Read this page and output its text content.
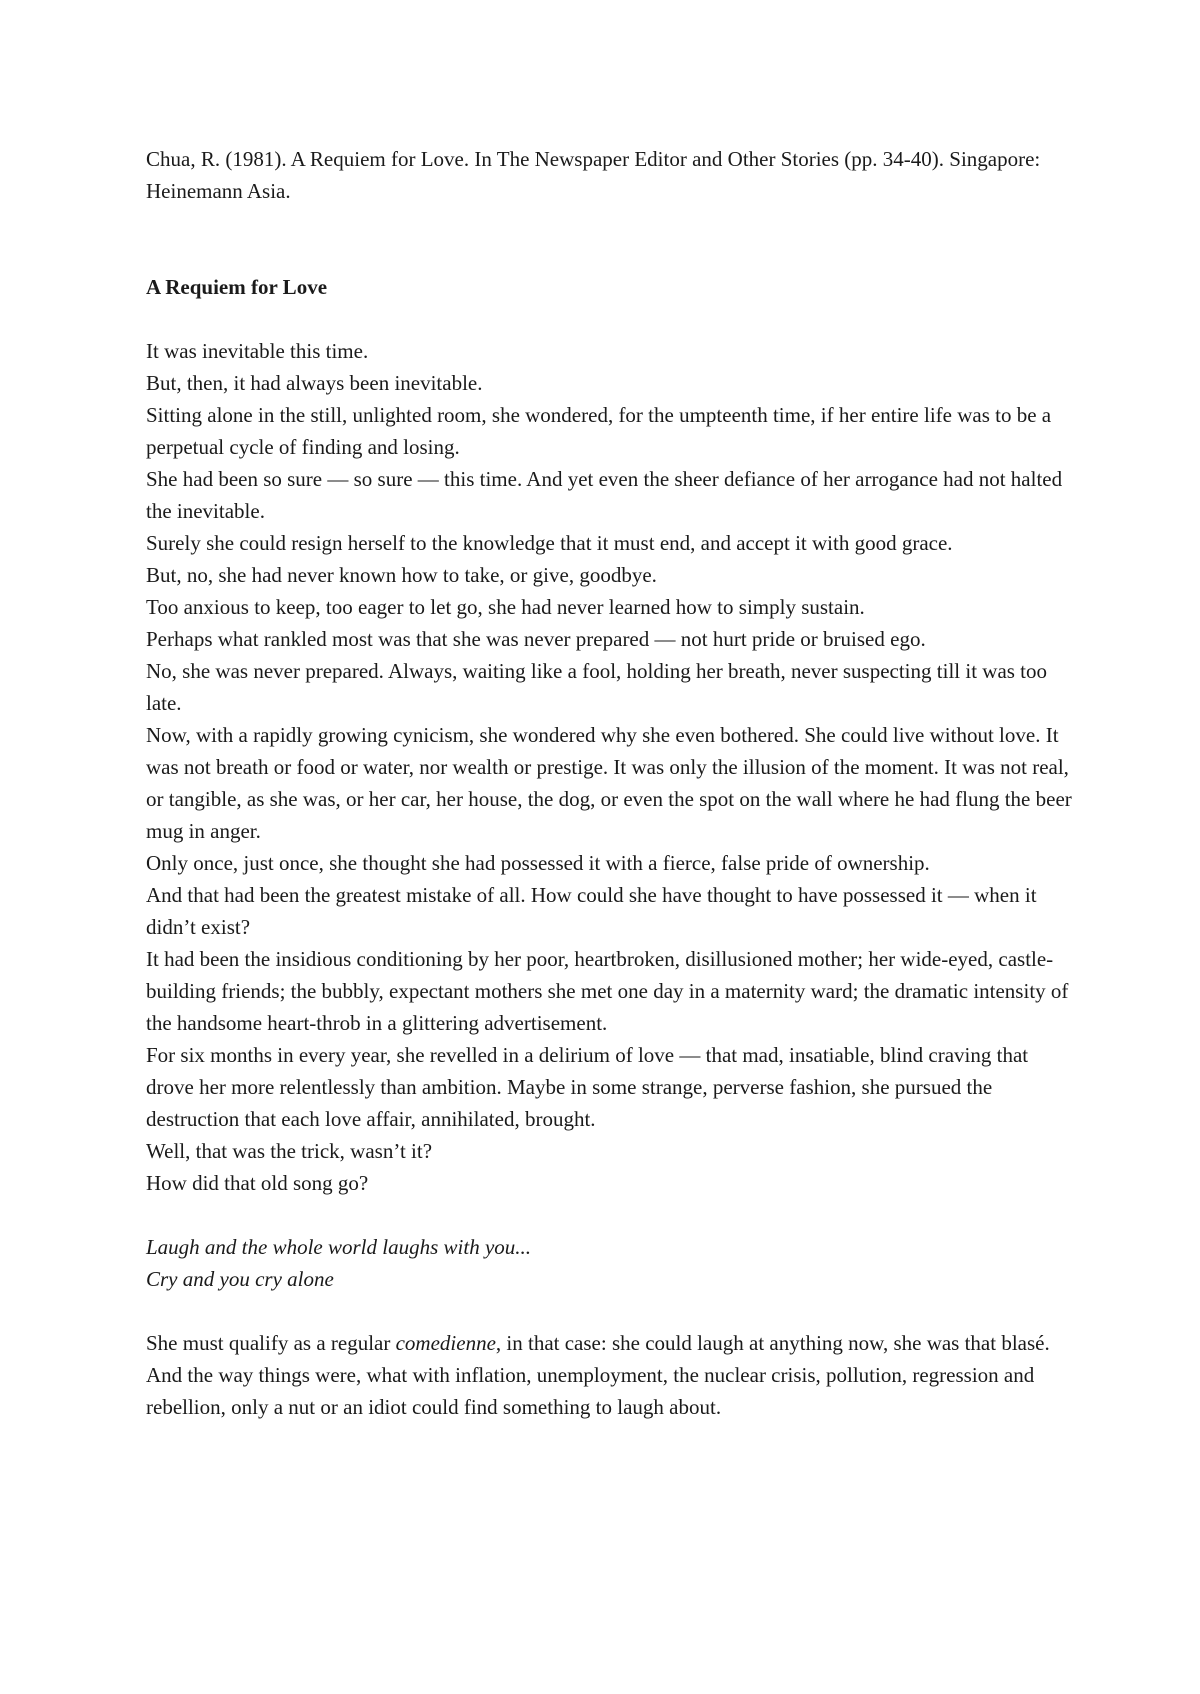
Chua, R. (1981). A Requiem for Love. In The Newspaper Editor and Other Stories (pp. 34-40). Singapore: Heinemann Asia.

A Requiem for Love

It was inevitable this time.

But, then, it had always been inevitable.

Sitting alone in the still, unlighted room, she wondered, for the umpteenth time, if her entire life was to be a perpetual cycle of finding and losing.

She had been so sure — so sure — this time. And yet even the sheer defiance of her arrogance had not halted the inevitable.

Surely she could resign herself to the knowledge that it must end, and accept it with good grace.

But, no, she had never known how to take, or give, goodbye.

Too anxious to keep, too eager to let go, she had never learned how to simply sustain.

Perhaps what rankled most was that she was never prepared — not hurt pride or bruised ego.

No, she was never prepared. Always, waiting like a fool, holding her breath, never suspecting till it was too late.

Now, with a rapidly growing cynicism, she wondered why she even bothered. She could live without love. It was not breath or food or water, nor wealth or prestige. It was only the illusion of the moment. It was not real, or tangible, as she was, or her car, her house, the dog, or even the spot on the wall where he had flung the beer mug in anger.

Only once, just once, she thought she had possessed it with a fierce, false pride of ownership.

And that had been the greatest mistake of all. How could she have thought to have possessed it — when it didn’t exist?

It had been the insidious conditioning by her poor, heartbroken, disillusioned mother; her wide-eyed, castle-building friends; the bubbly, expectant mothers she met one day in a maternity ward; the dramatic intensity of the handsome heart-throb in a glittering advertisement.

For six months in every year, she revelled in a delirium of love — that mad, insatiable, blind craving that drove her more relentlessly than ambition. Maybe in some strange, perverse fashion, she pursued the destruction that each love affair, annihilated, brought.

Well, that was the trick, wasn’t it?

How did that old song go?

Laugh and the whole world laughs with you...
Cry and you cry alone

She must qualify as a regular comedienne, in that case: she could laugh at anything now, she was that blasé. And the way things were, what with inflation, unemployment, the nuclear crisis, pollution, regression and rebellion, only a nut or an idiot could find something to laugh about.
